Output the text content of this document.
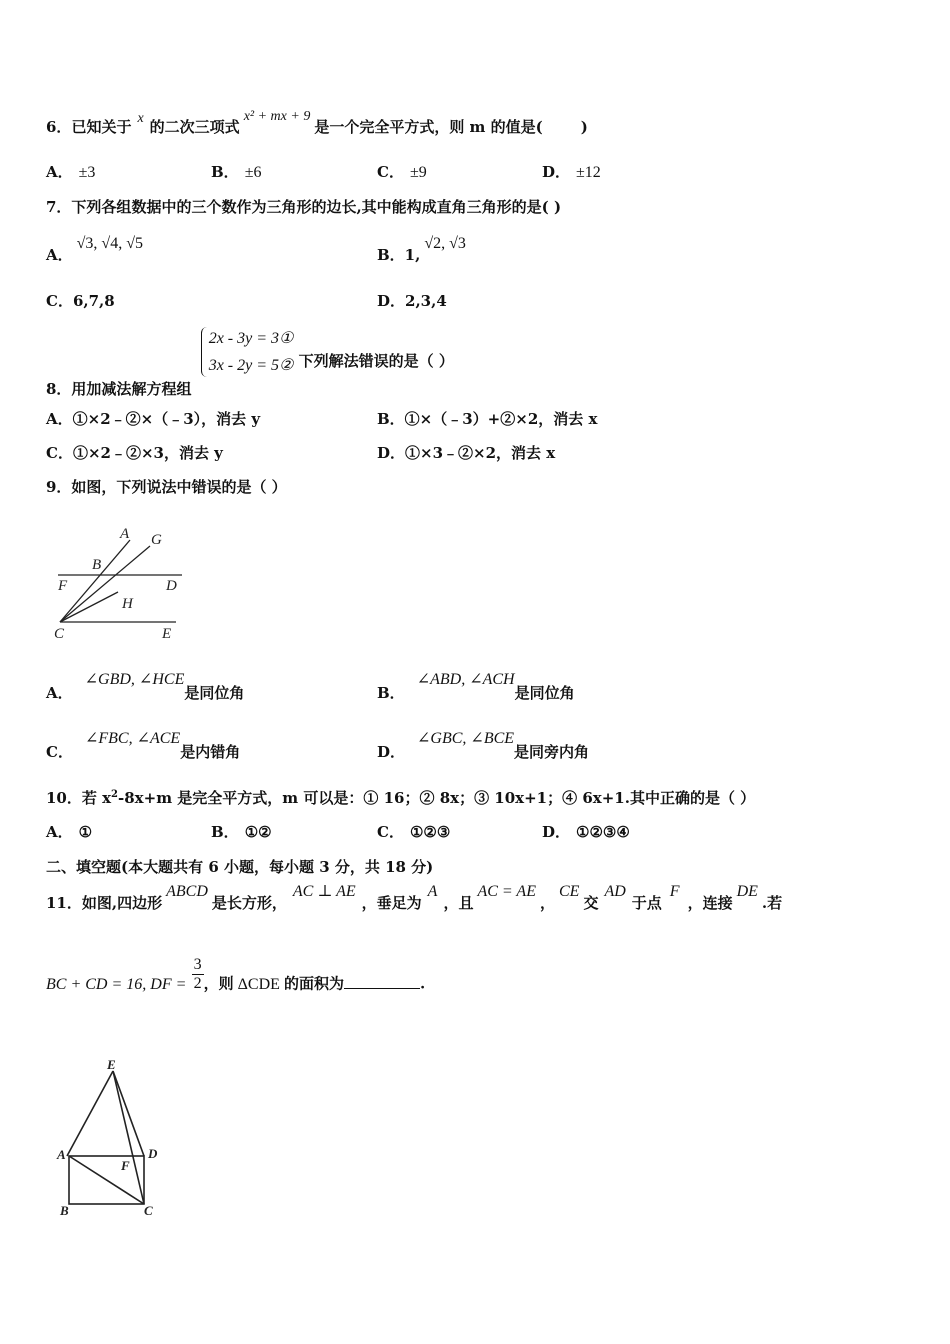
6．已知关于 x 的二次三项式x² + mx + 9是一个完全平方式，则 m 的值是(	)
A． ±3	B． ±6	C． ±9	D． ±12
7．下列各组数据中的三个数作为三角形的边长,其中能构成直角三角形的是( )
A．√3, √4, √5
B．1,√2, √3
C．6,7,8	D．2,3,4
8．用加减法解方程组
2x - 3y = 3①
3x - 2y = 5② 下列解法错误的是（ ）
A．①×2﹣②×（﹣3），消去 y	B．①×（﹣3）+②×2，消去 x
C．①×2﹣②×3，消去 y	D．①×3﹣②×2，消去 x
9．如图，下列说法中错误的是（ ）
A G
B
F	D
H
C	E
A．∠GBD, ∠HCE是同位角	B．∠ABD, ∠ACH是同位角
C．∠FBC, ∠ACE是内错角	D．∠GBC, ∠BCE是同旁内角
10．若 $x^2-8x+m$ 是完全平方式，m 可以是：① 16；② 8x；③ 10x+1；④ 6x+1.其中正确的是（ ）
A． ①	B． ①②	C． ①②③	D． ①②③④
二、填空题(本大题共有 6 小题，每小题 3 分，共 18 分)
11．如图,四边形ABCD是长方形，AC ⊥ AE，垂足为A，且AC = AE，CE交AD于点F，连接DE.若
BC + CD = 16, DF = $\frac{3}{2}$ ，则 ΔCDE 的面积为	.
E
A	D
F
B	C
